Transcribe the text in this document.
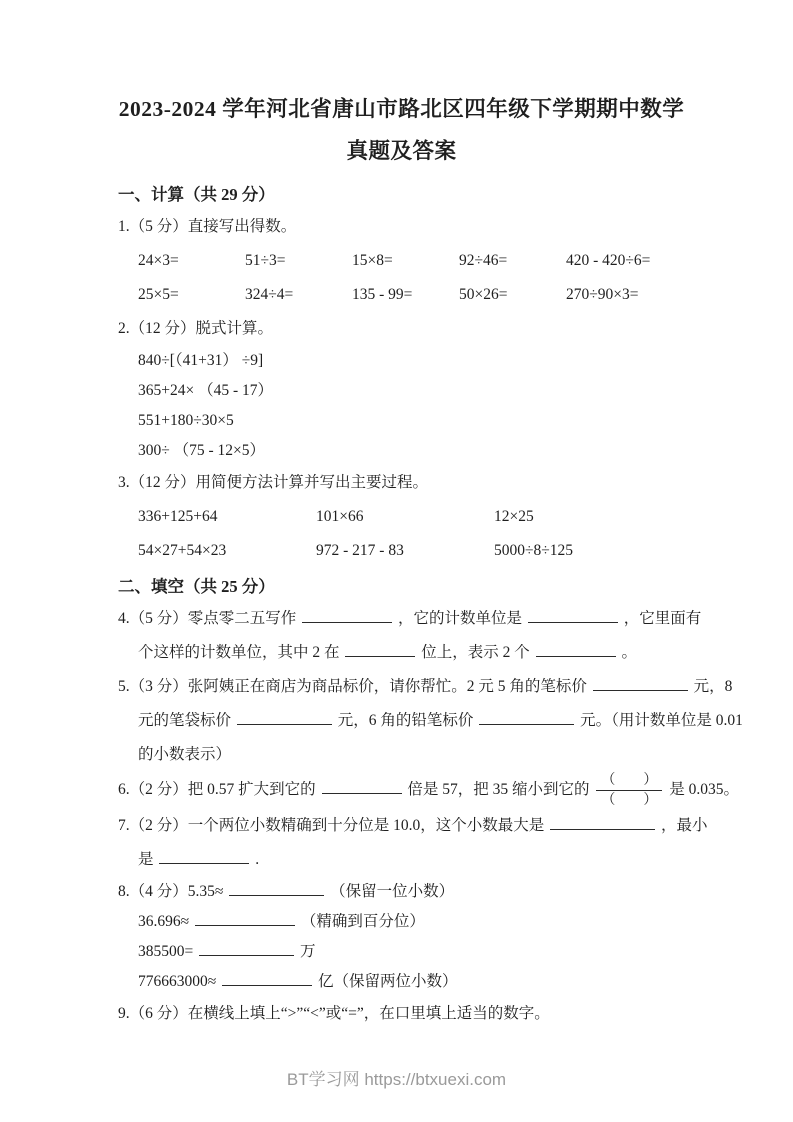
2023-2024 学年河北省唐山市路北区四年级下学期期中数学
真题及答案
一、计算（共 29 分）
1.（5 分）直接写出得数。
24×3=	51÷3=	15×8=	92÷46=	420 - 420÷6=
25×5=	324÷4=	135 - 99=	50×26=	270÷90×3=
2.（12 分）脱式计算。
840÷[（41+31） ÷9]
365+24× （45 - 17）
551+180÷30×5
300÷ （75 - 12×5）
3.（12 分）用简便方法计算并写出主要过程。
336+125+64	101×66	12×25
54×27+54×23	972 - 217 - 83	5000÷8÷125
二、填空（共 25 分）
4.（5 分）零点零二五写作	，它的计数单位是	，它里面有
个这样的计数单位，其中 2 在	位上，表示 2 个	。
5.（3 分）张阿姨正在商店为商品标价，请你帮忙。2 元 5 角的笔标价	元，8
元的笔袋标价	元，6 角的铅笔标价	元。（用计数单位是 0.01
的小数表示）
6.（2 分）把 0.57 扩大到它的	倍是 57，把 35 缩小到它的 $\frac{( )}{( )}$ 是 0.035。
7.（2 分）一个两位小数精确到十分位是 10.0，这个小数最大是	，最小
是	.
8.（4 分）5.35≈	（保留一位小数）
36.696≈	（精确到百分位）
385500=	万
776663000≈	亿（保留两位小数）
9.（6 分）在横线上填上“>”“<”或“=”，在口里填上适当的数字。
BT学习网 https://btxuexi.com
